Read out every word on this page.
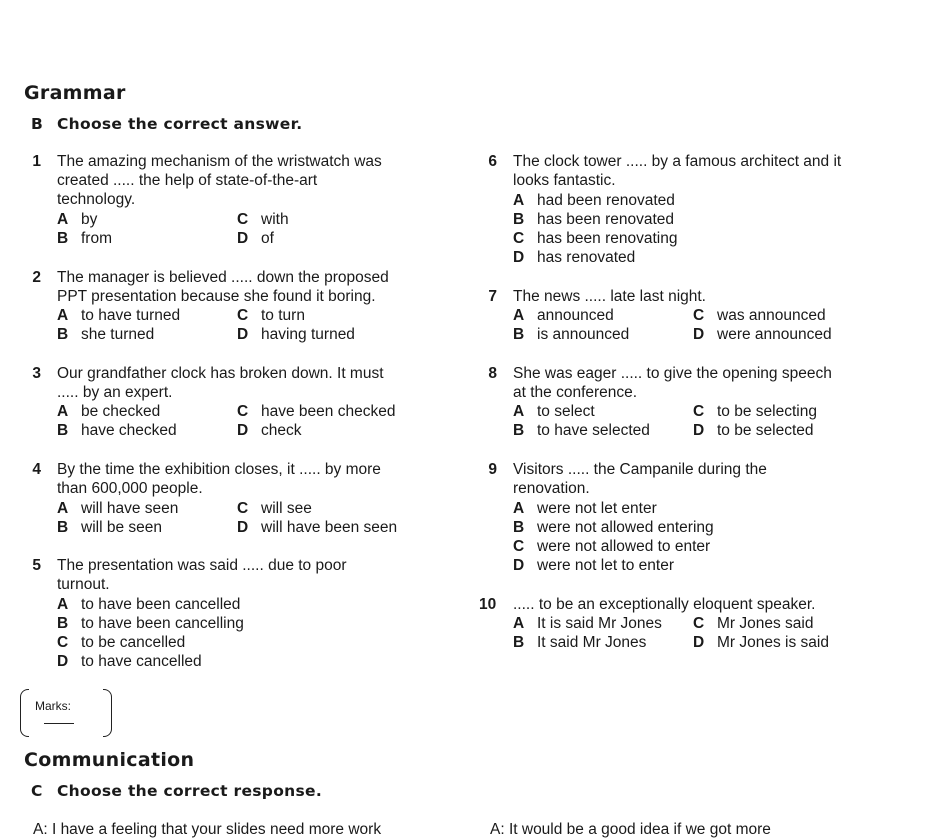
Grammar
B Choose the correct answer.
1 The amazing mechanism of the wristwatch was
created ..... the help of state-of-the-art
technology.
A by
B from
C with
D of
2 The manager is believed ..... down the proposed
PPT presentation because she found it boring.
A to have turned
B she turned
C to turn
D having turned
3 Our grandfather clock has broken down. It must
..... by an expert.
A be checked
B have checked
C have been checked
D check
4 By the time the exhibition closes, it ..... by more
than 600,000 people.
A will have seen
B will be seen
C will see
D will have been seen
5 The presentation was said ..... due to poor
turnout.
A to have been cancelled
B to have been cancelling
C to be cancelled
D to have cancelled
6 The clock tower ..... by a famous architect and it
looks fantastic.
A had been renovated
B has been renovated
C has been renovating
D has renovated
7 The news ..... late last night.
A announced
B is announced
C was announced
D were announced
8 She was eager ..... to give the opening speech
at the conference.
A to select
B to have selected
C to be selecting
D to be selected
9 Visitors ..... the Campanile during the
renovation.
A were not let enter
B were not allowed entering
C were not allowed to enter
D were not let to enter
10 ..... to be an exceptionally eloquent speaker.
A It is said Mr Jones
B It said Mr Jones
C Mr Jones said
D Mr Jones is said
Marks:
Communication
C Choose the correct response.
A: I have a feeling that your slides need more work	A: It would be a good idea if we got more
